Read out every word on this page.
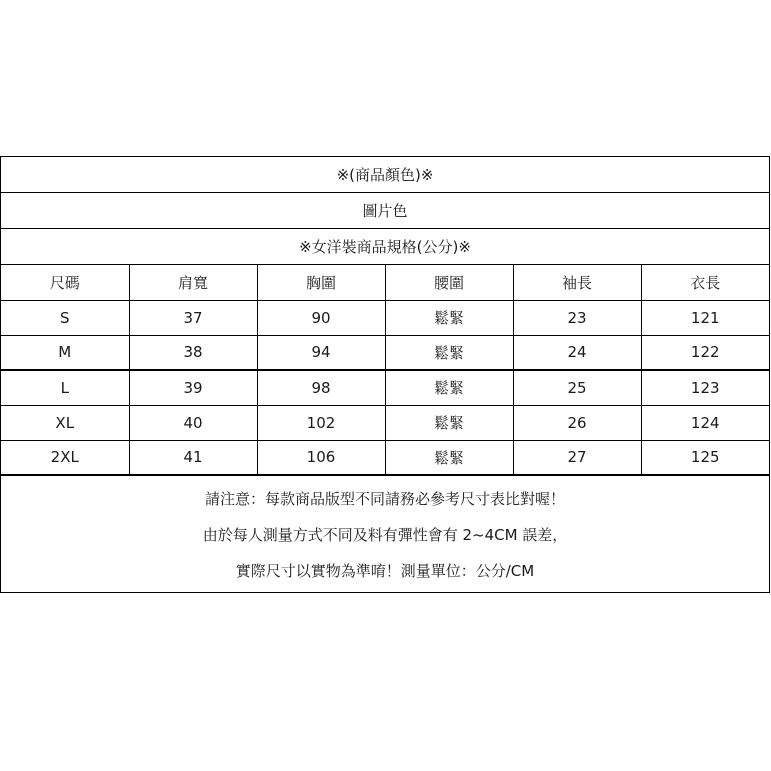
※(商品顏色)※
圖片色
※女洋裝商品規格(公分)※
尺碼	肩寬	胸圍	腰圍	袖長	衣長
S	37	90	鬆緊	23	121
M	38	94	鬆緊	24	122
L	39	98	鬆緊	25	123
XL	40	102	鬆緊	26	124
2XL	41	106	鬆緊	27	125
請注意：每款商品版型不同請務必參考尺寸表比對喔！
由於每人測量方式不同及料有彈性會有 2~4CM 誤差，
實際尺寸以實物為準唷！測量單位：公分/CM
